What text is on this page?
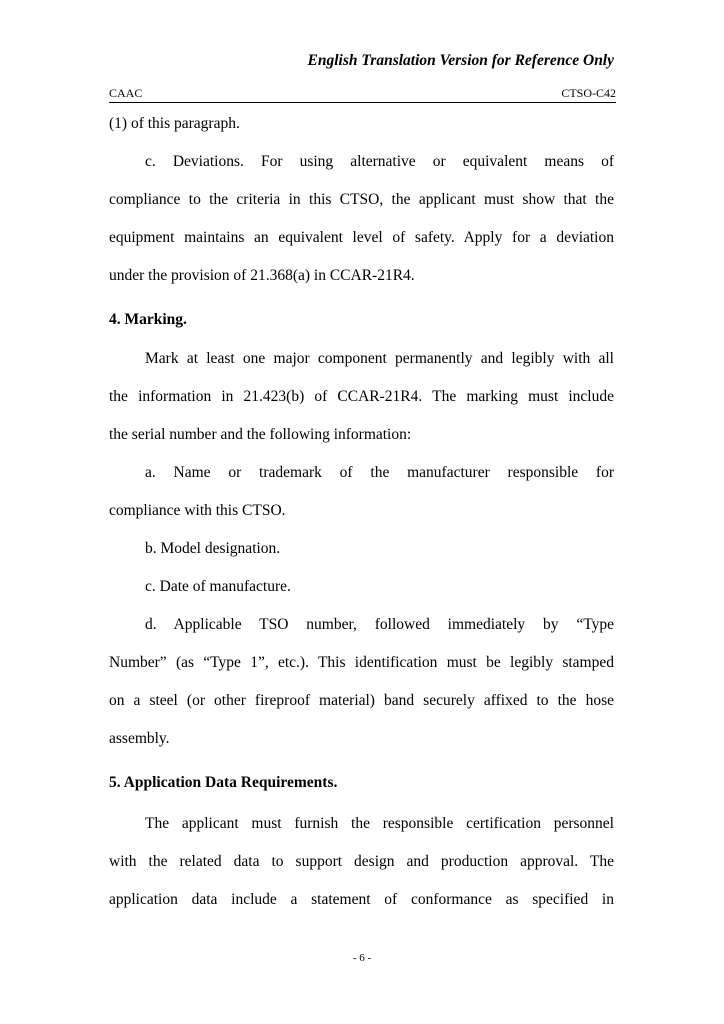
English Translation Version for Reference Only
CAAC	CTSO-C42
(1) of this paragraph.
c. Deviations. For using alternative or equivalent means of
compliance to the criteria in this CTSO, the applicant must show that the
equipment maintains an equivalent level of safety. Apply for a deviation
under the provision of 21.368(a) in CCAR-21R4.
4. Marking.
Mark at least one major component permanently and legibly with all
the information in 21.423(b) of CCAR-21R4. The marking must include
the serial number and the following information:
a. Name or trademark of the manufacturer responsible for
compliance with this CTSO.
b. Model designation.
c. Date of manufacture.
d. Applicable TSO number, followed immediately by “Type
Number” (as “Type 1”, etc.). This identification must be legibly stamped
on a steel (or other fireproof material) band securely affixed to the hose
assembly.
5. Application Data Requirements.
The applicant must furnish the responsible certification personnel
with the related data to support design and production approval. The
application data include a statement of conformance as specified in
- 6 -
